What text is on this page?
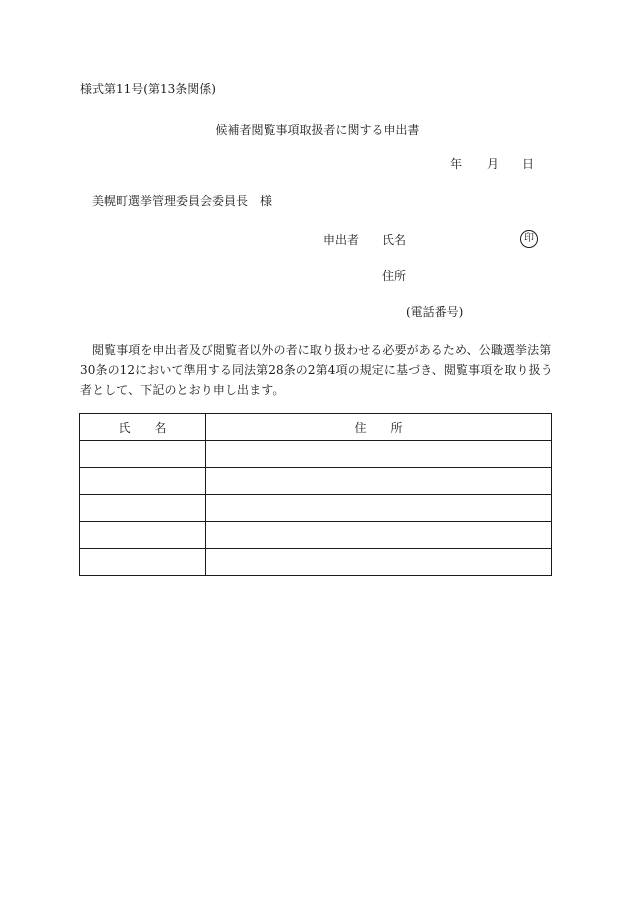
様式第11号(第13条関係)
候補者閲覧事項取扱者に関する申出書
年 月 日
美幌町選挙管理委員会委員長　様
申出者 氏名	印
住所
(電話番号)
閲覧事項を申出者及び閲覧者以外の者に取り扱わせる必要があるため、公職選挙法第30条の12において準用する同法第28条の2第4項の規定に基づき、閲覧事項を取り扱う者として、下記のとおり申し出ます。
氏　　名	住　　所
